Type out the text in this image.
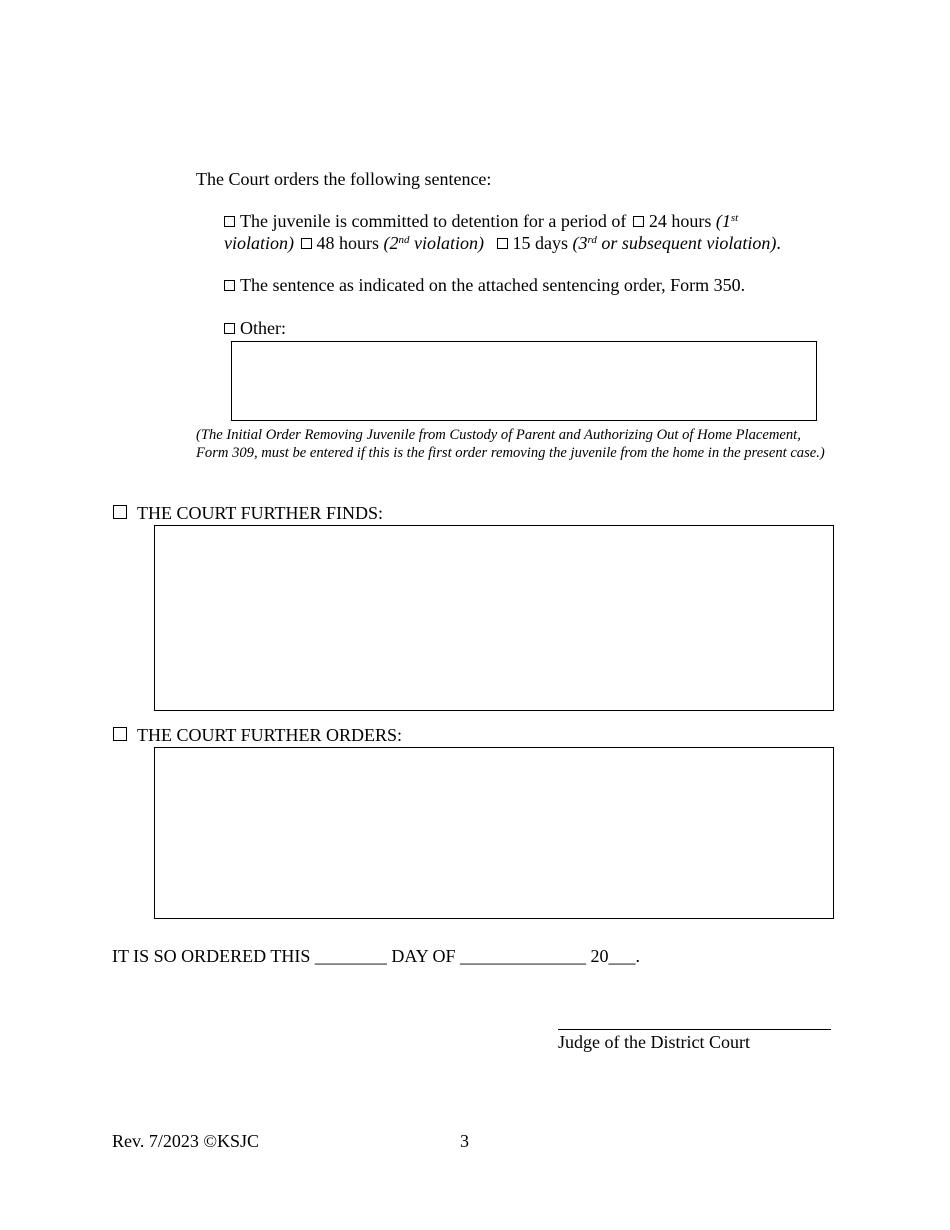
The Court orders the following sentence:
The juvenile is committed to detention for a period of 24 hours (1st
violation) 48 hours (2nd violation) 15 days (3rd or subsequent violation).
The sentence as indicated on the attached sentencing order, Form 350.
Other:
(The Initial Order Removing Juvenile from Custody of Parent and Authorizing Out of Home Placement, Form 309, must be entered if this is the first order removing the juvenile from the home in the present case.)
THE COURT FURTHER FINDS:
THE COURT FURTHER ORDERS:
IT IS SO ORDERED THIS ________ DAY OF ______________ 20___.
Judge of the District Court
Rev. 7/2023 ©KSJC	3
